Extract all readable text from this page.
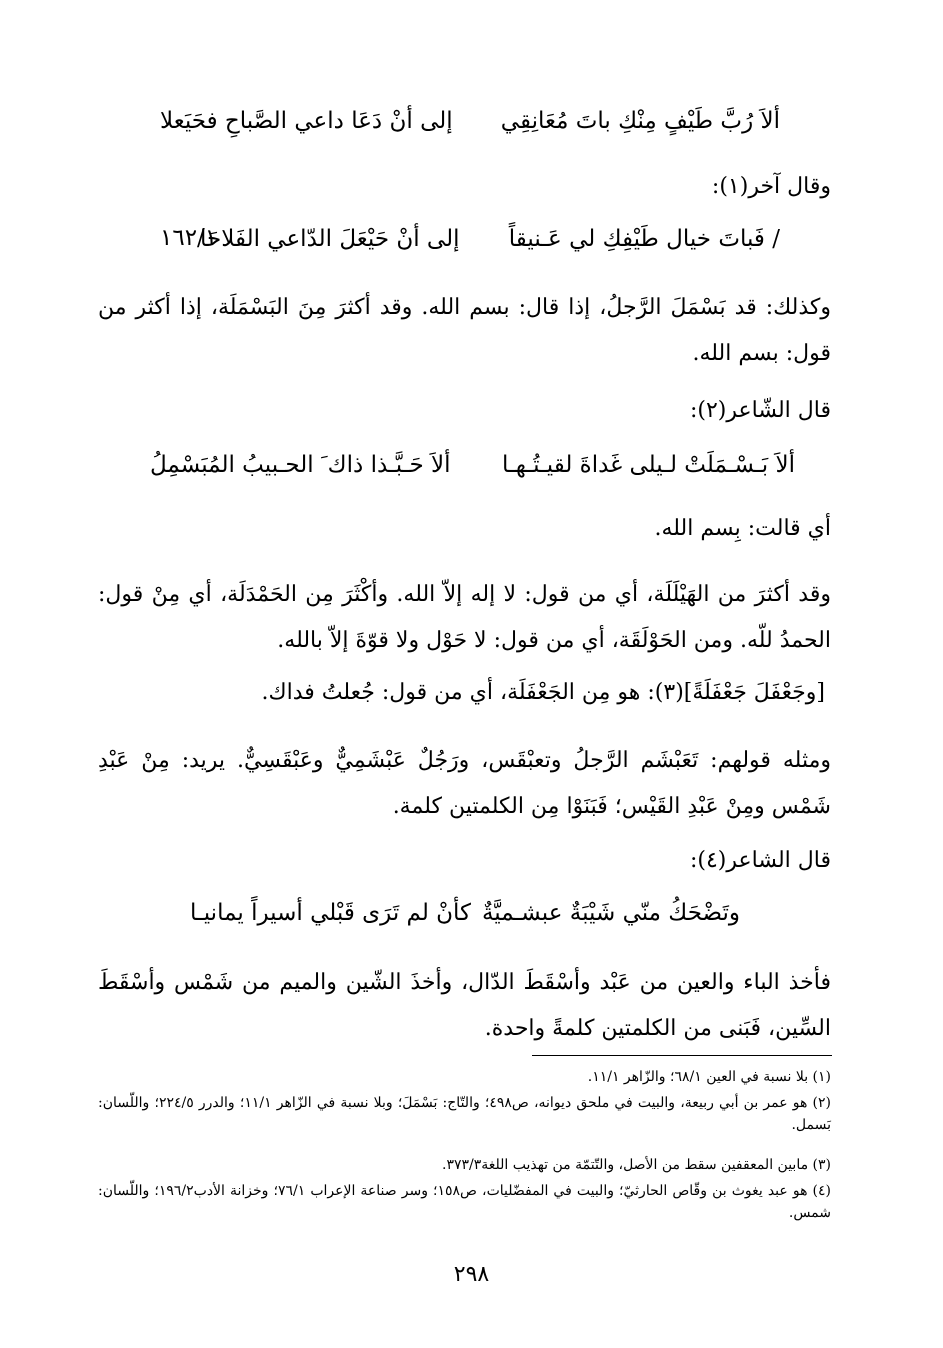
١٦٢/١
ألاَ رُبَّ طَيْفٍ مِنْكِ باتَ مُعَانِقِي
إلى أنْ دَعَا داعي الصَّباحِ فحَيَعلا
وقال آخر(١):
/ فَباتَ خيال طَيْفِكِ لي عَـنيقاً
إلى أنْ حَيْعَلَ الدّاعي الفَلاحَا
وكذلك: قد بَسْمَلَ الرَّجلُ، إذا قال: بسم الله. وقد أكثرَ مِنَ البَسْمَلَة، إذا أكثر من قول: بسم الله.
قال الشّاعر(٢):
ألاَ بَـسْـمَلَتْ لـيلى غَداةَ لقيـتُـهـا
ألاَ حَـبَّـذا ذاك َ الحـبيبُ المُبَسْمِلُ
أي قالت: بِسم الله.
وقد أكثرَ من الهَيْلَلَة، أي من قول: لا إله إلاّ الله. وأكْثَرَ مِن الحَمْدَلَة، أي مِنْ قول: الحمدُ للّه. ومن الحَوْلَقَة، أي من قول: لا حَوْل ولا قوّةَ إلاّ بالله.
[وجَعْفَلَ جَعْفَلَةً](٣): هو مِن الجَعْفَلَة، أي من قول: جُعلتُ فداك.
ومثله قولهم: تَعَبْشَم الرَّجلُ وتعبْقَس، ورَجُلٌ عَبْشَمِيٌّ وعَبْقَسِيٌّ. يريد: مِنْ عَبْدِ شَمْس ومِنْ عَبْدِ القَيْس؛ فَبَنَوْا مِن الكلمتين كلمة.
قال الشاعر(٤):
وتَضْحَكُ منّي شَيْبَةٌ عبشـميَّةٌ
كأنْ لم تَرَى قَبْلي أسيراً يمانيـا
فأخذ الباء والعين من عَبْد وأسْقَطَ الدّال، وأخذَ الشّين والميم من شَمْس وأسْقَطَ السِّين، فَبَنى من الكلمتين كلمةً واحدة.
(١) بلا نسبة في العين ٦٨/١؛ والزّاهر ١١/١.
(٢) هو عمر بن أبي ربيعة، والبيت في ملحق ديوانه، ص٤٩٨؛ والتّاج: بَسْمَلَ؛ وبلا نسبة في الزّاهر ١١/١؛ والدرر ٢٢٤/٥؛ واللّسان: بَسمل.
(٣) مابين المعقفين سقط من الأصل، والتّتمّة من تهذيب اللغة٣٧٣/٣.
(٤) هو عبد يغوث بن وقّاص الحارثيّ؛ والبيت في المفضّليات، ص١٥٨؛ وسر صناعة الإعراب ٧٦/١؛ وخزانة الأدب١٩٦/٢؛ واللّسان: شمس.
٢٩٨
